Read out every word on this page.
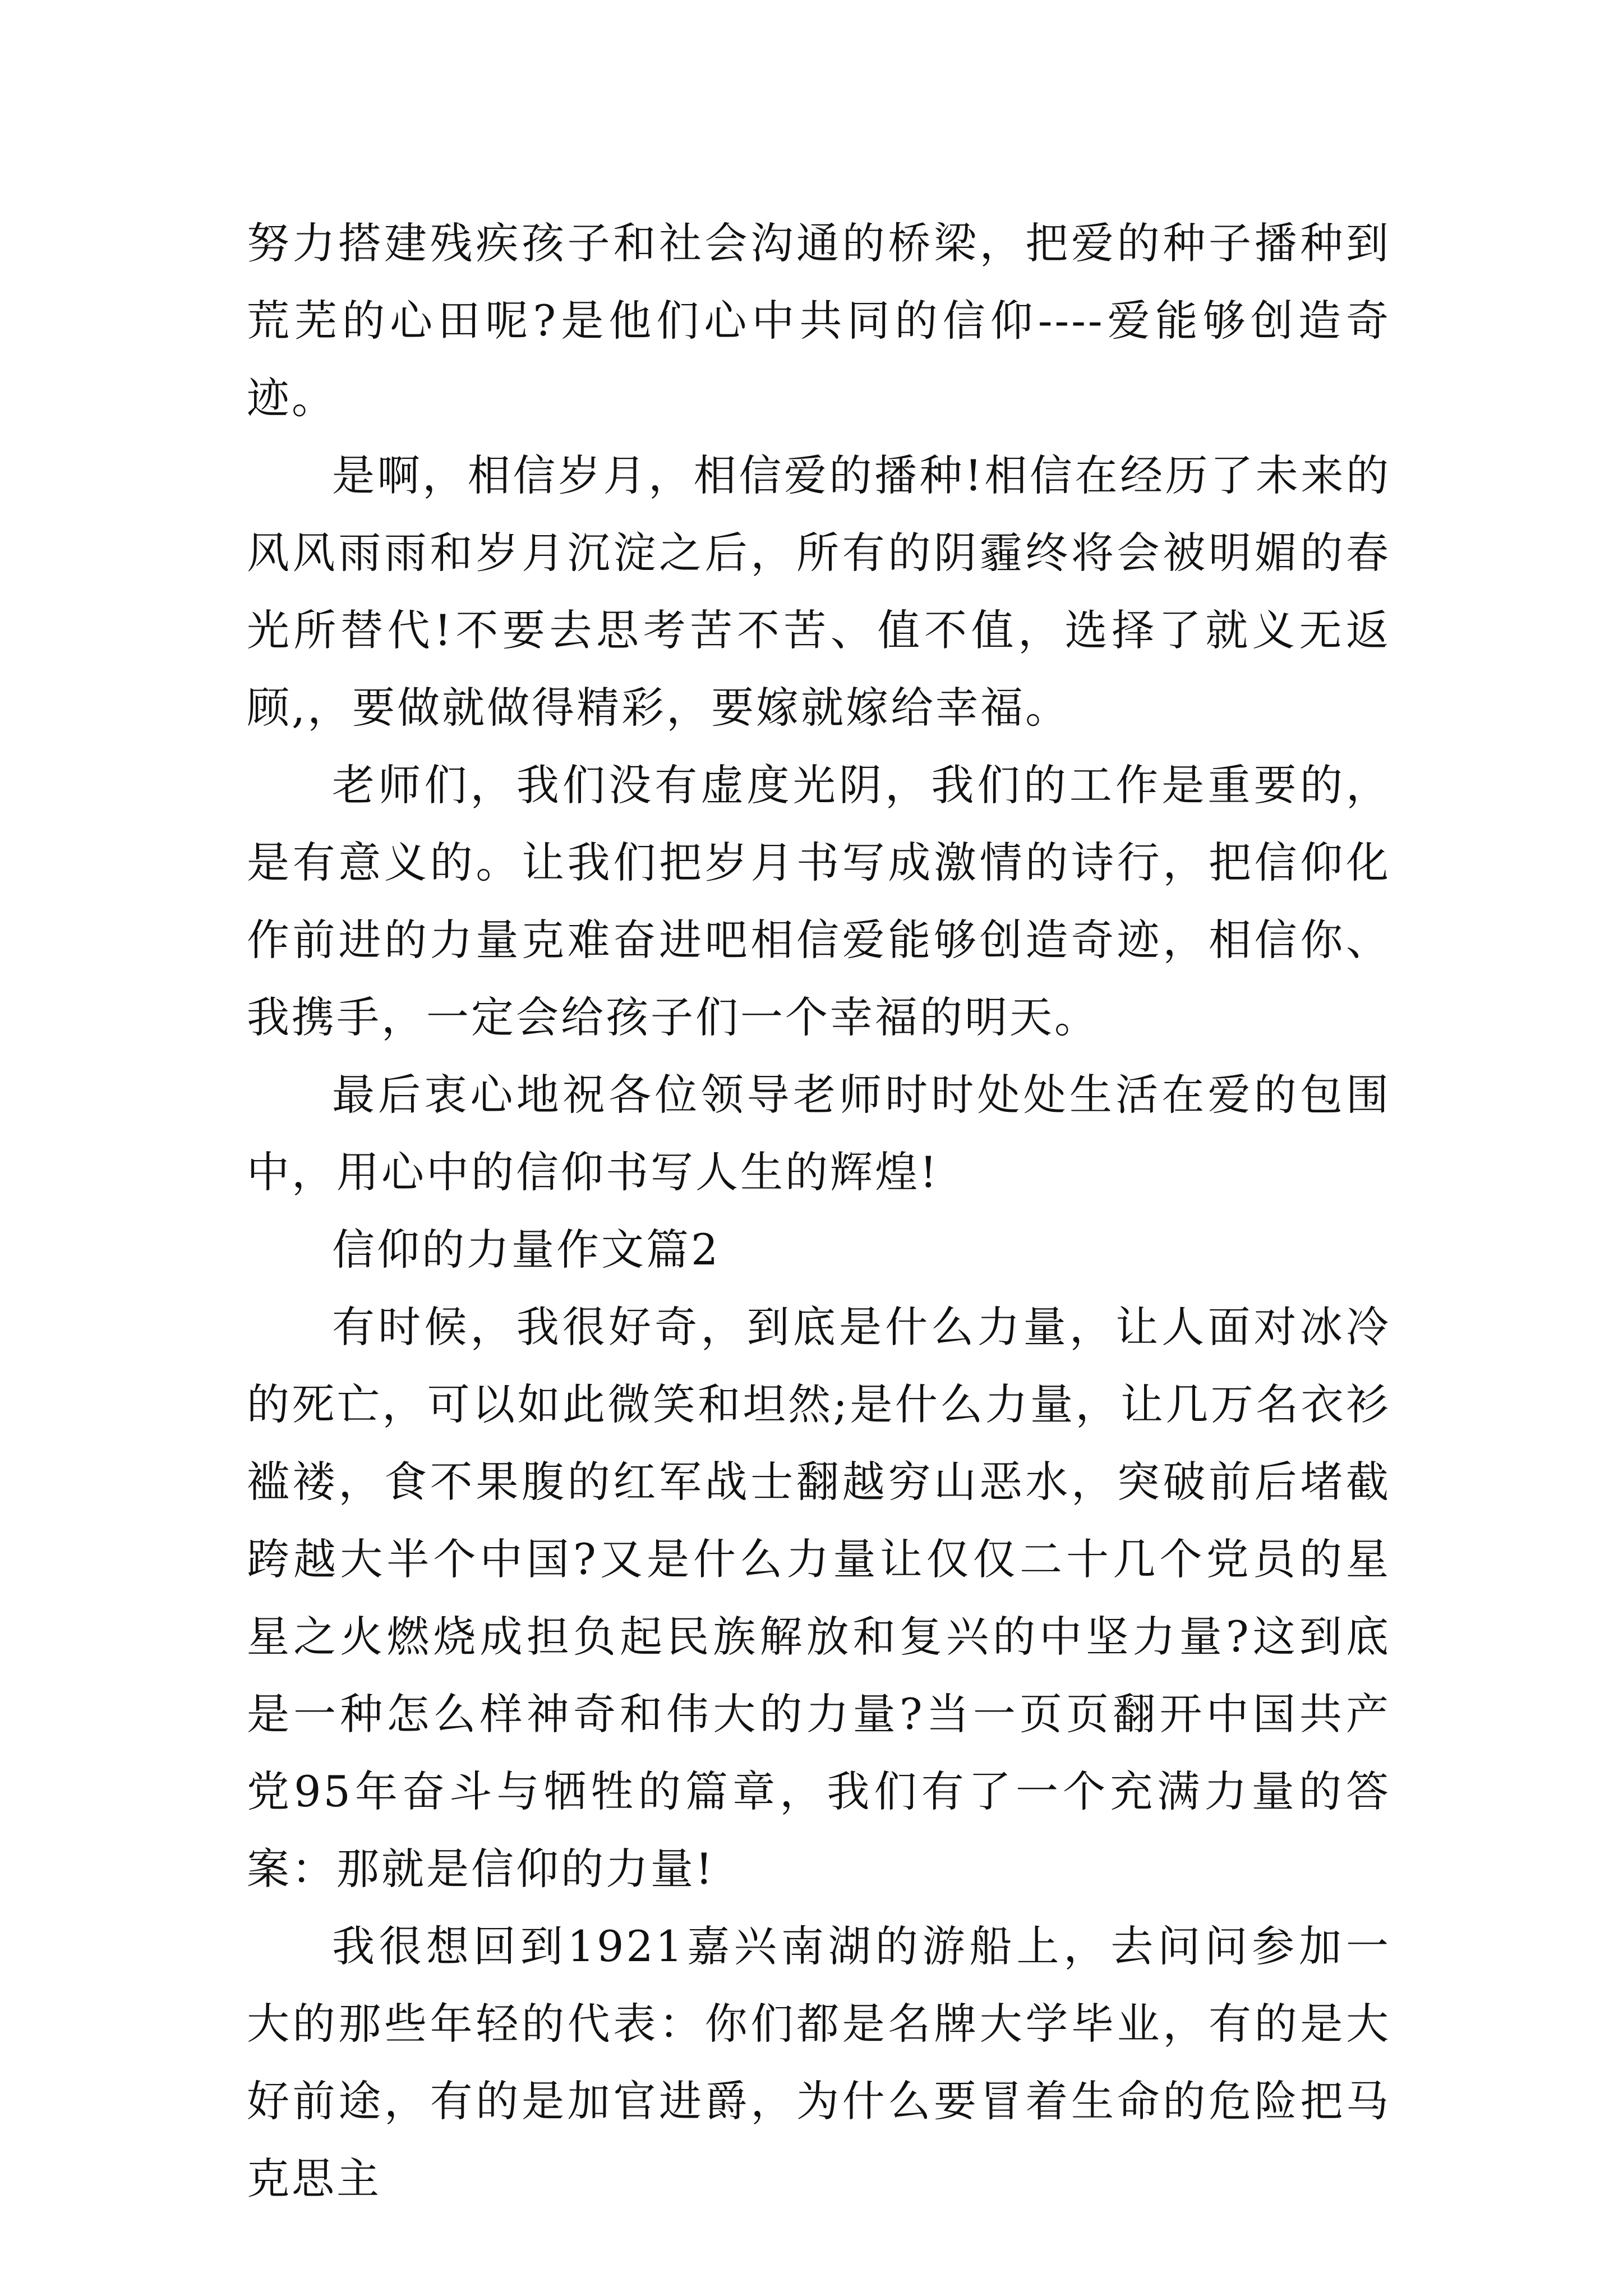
努力搭建残疾孩子和社会沟通的桥梁，把爱的种子播种到荒芜的心田呢?是他们心中共同的信仰----爱能够创造奇迹。

是啊，相信岁月，相信爱的播种!相信在经历了未来的风风雨雨和岁月沉淀之后，所有的阴霾终将会被明媚的春光所替代!不要去思考苦不苦、值不值，选择了就义无返顾,，要做就做得精彩，要嫁就嫁给幸福。

老师们，我们没有虚度光阴，我们的工作是重要的，是有意义的。让我们把岁月书写成激情的诗行，把信仰化作前进的力量克难奋进吧相信爱能够创造奇迹，相信你、我携手，一定会给孩子们一个幸福的明天。

最后衷心地祝各位领导老师时时处处生活在爱的包围中，用心中的信仰书写人生的辉煌!

信仰的力量作文篇2

有时候，我很好奇，到底是什么力量，让人面对冰冷的死亡，可以如此微笑和坦然;是什么力量，让几万名衣衫褴褛，食不果腹的红军战士翻越穷山恶水，突破前后堵截跨越大半个中国?又是什么力量让仅仅二十几个党员的星星之火燃烧成担负起民族解放和复兴的中坚力量?这到底是一种怎么样神奇和伟大的力量?当一页页翻开中国共产党95年奋斗与牺牲的篇章，我们有了一个充满力量的答案：那就是信仰的力量!

我很想回到1921嘉兴南湖的游船上，去问问参加一大的那些年轻的代表：你们都是名牌大学毕业，有的是大好前途，有的是加官进爵，为什么要冒着生命的危险把马克思主
